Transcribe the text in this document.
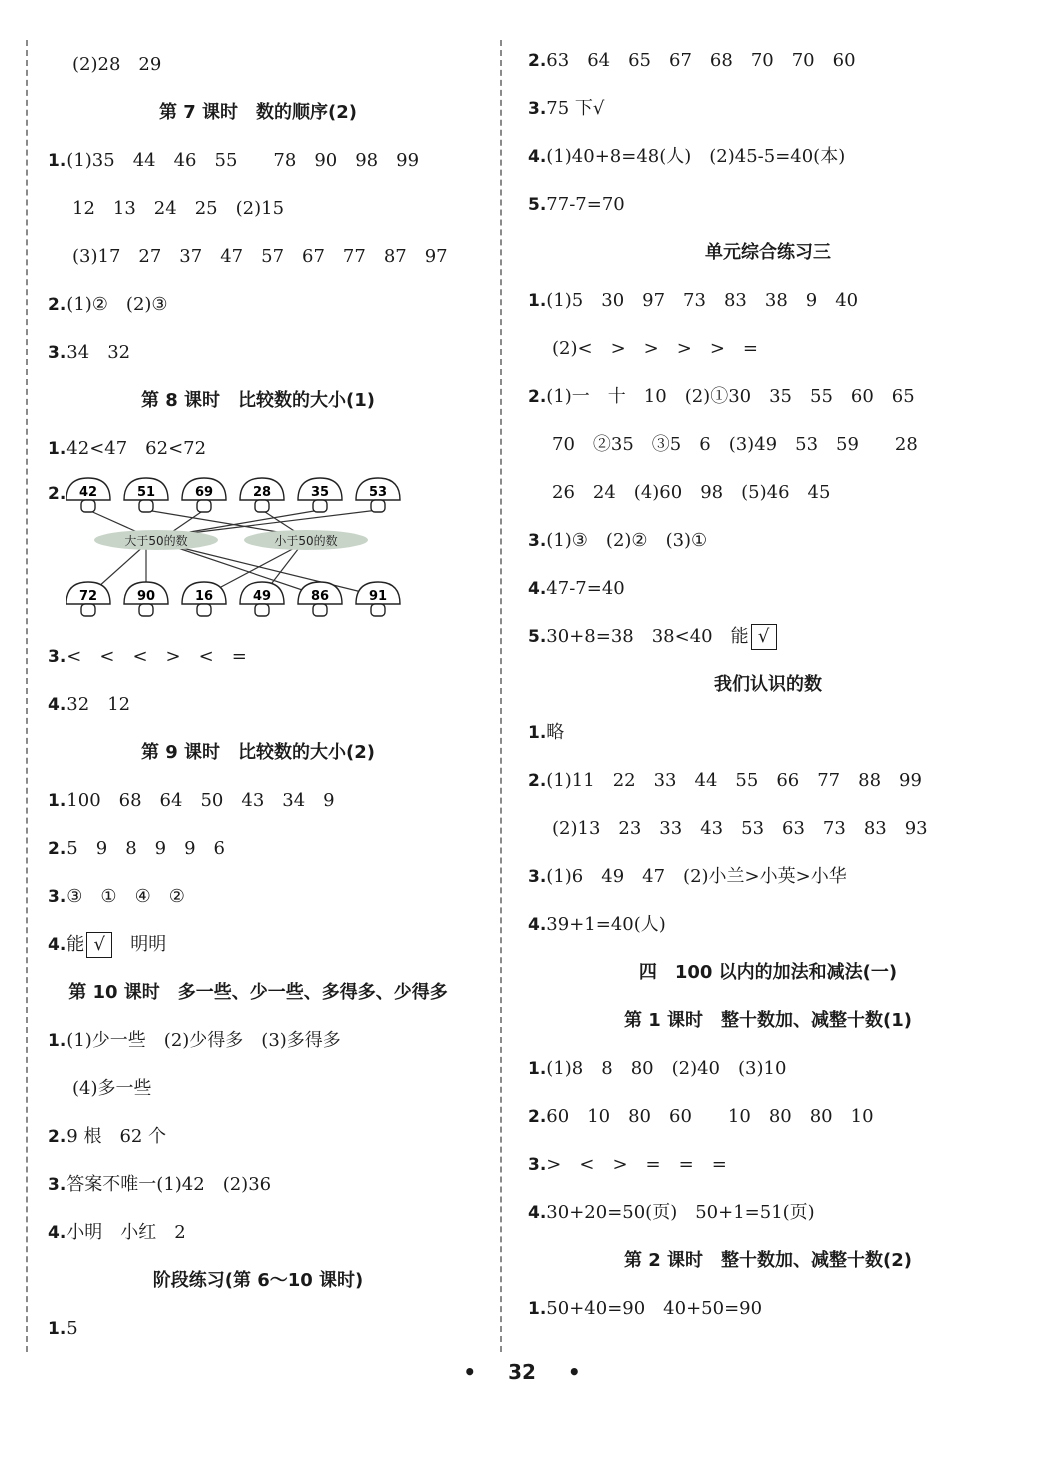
(2)28　29
第 7 课时　数的顺序(2)
1.(1)35　44　46　55　　78　90　98　99
12　13　24　25　(2)15
(3)17　27　37　47　57　67　77　87　97
2.(1)②　(2)③
3.34　32
第 8 课时　比较数的大小(1)
1.42<47　62<72
2.
大于50的数	小于50的数
42	51	69	28	35	53
72	90	16	49	86	91
3.<　<　<　>　<　=
4.32　12
第 9 课时　比较数的大小(2)
1.100　68　64　50　43　34　9
2.5　9　8　9　9　6
3.③　①　④　②
4.能 √　明明
第 10 课时　多一些、少一些、多得多、少得多
1.(1)少一些　(2)少得多　(3)多得多
(4)多一些
2.9 根　62 个
3.答案不唯一(1)42　(2)36
4.小明　小红　2
阶段练习(第 6～10 课时)
1.5
2.63　64　65　67　68　70　70　60
3.75 下√
4.(1)40+8=48(人)　(2)45-5=40(本)
5.77-7=70
单元综合练习三
1.(1)5　30　97　73　83　38　9　40
(2)<　>　>　>　>　=
2.(1)一　十　10　(2)①30　35　55　60　65
70　②35　③5　6　(3)49　53　59　　28
26　24　(4)60　98　(5)46　45
3.(1)③　(2)②　(3)①
4.47-7=40
5.30+8=38　38<40　能 √
我们认识的数
1.略
2.(1)11　22　33　44　55　66　77　88　99
(2)13　23　33　43　53　63　73　83　93
3.(1)6　49　47　(2)小兰>小英>小华
4.39+1=40(人)
四　100 以内的加法和减法(一)
第 1 课时　整十数加、减整十数(1)
1.(1)8　8　80　(2)40　(3)10
2.60　10　80　60　　10　80　80　10
3.>　<　>　=　=　=
4.30+20=50(页)　50+1=51(页)
第 2 课时　整十数加、减整十数(2)
1.50+40=90　40+50=90
• 32 •
